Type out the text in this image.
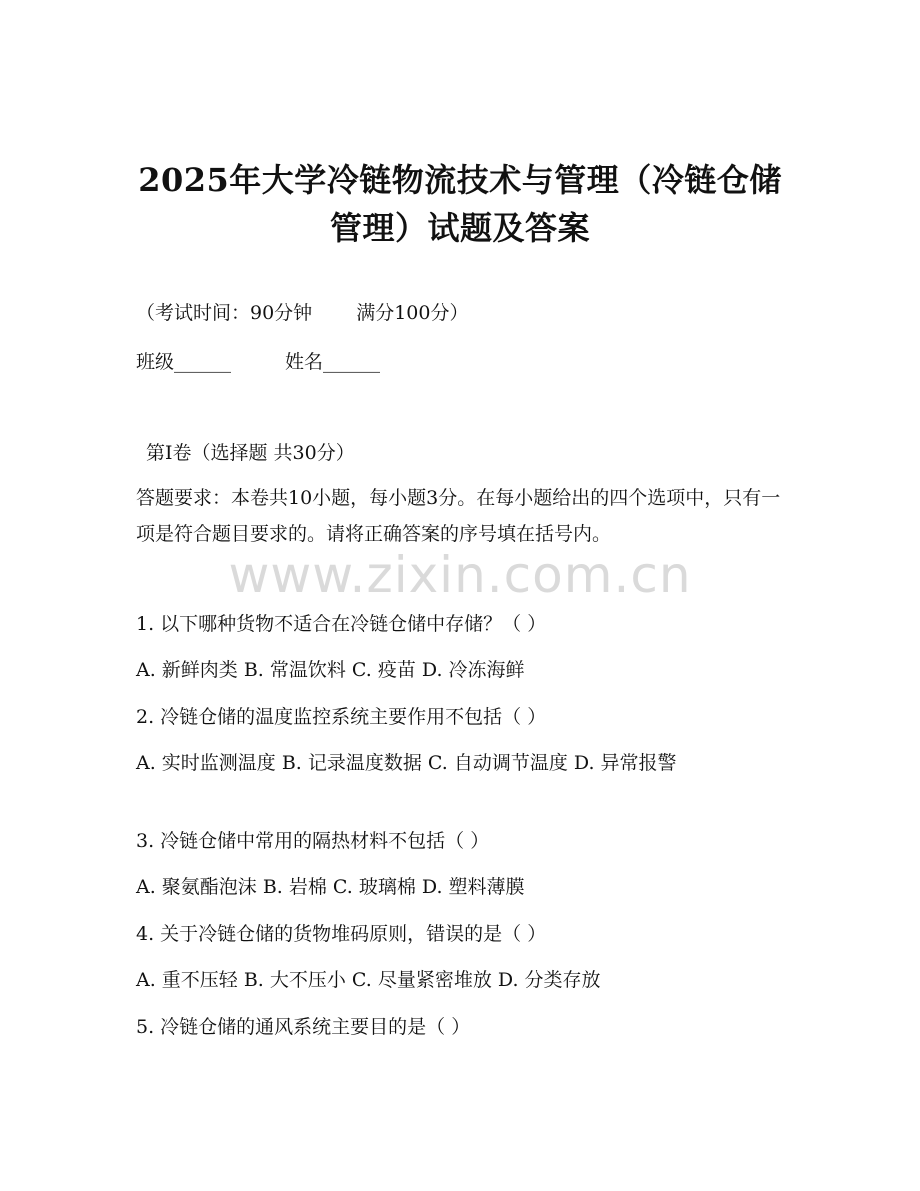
2025年大学冷链物流技术与管理（冷链仓储
管理）试题及答案
（考试时间：90分钟 满分100分）
班级______	姓名______
第Ⅰ卷（选择题 共30分）
答题要求：本卷共10小题，每小题3分。在每小题给出的四个选项中，只有一项是符合题目要求的。请将正确答案的序号填在括号内。
www.zixin.com.cn
1. 以下哪种货物不适合在冷链仓储中存储？（ ）
A. 新鲜肉类 B. 常温饮料 C. 疫苗 D. 冷冻海鲜
2. 冷链仓储的温度监控系统主要作用不包括（ ）
A. 实时监测温度 B. 记录温度数据 C. 自动调节温度 D. 异常报警
3. 冷链仓储中常用的隔热材料不包括（ ）
A. 聚氨酯泡沫 B. 岩棉 C. 玻璃棉 D. 塑料薄膜
4. 关于冷链仓储的货物堆码原则，错误的是（ ）
A. 重不压轻 B. 大不压小 C. 尽量紧密堆放 D. 分类存放
5. 冷链仓储的通风系统主要目的是（ ）
